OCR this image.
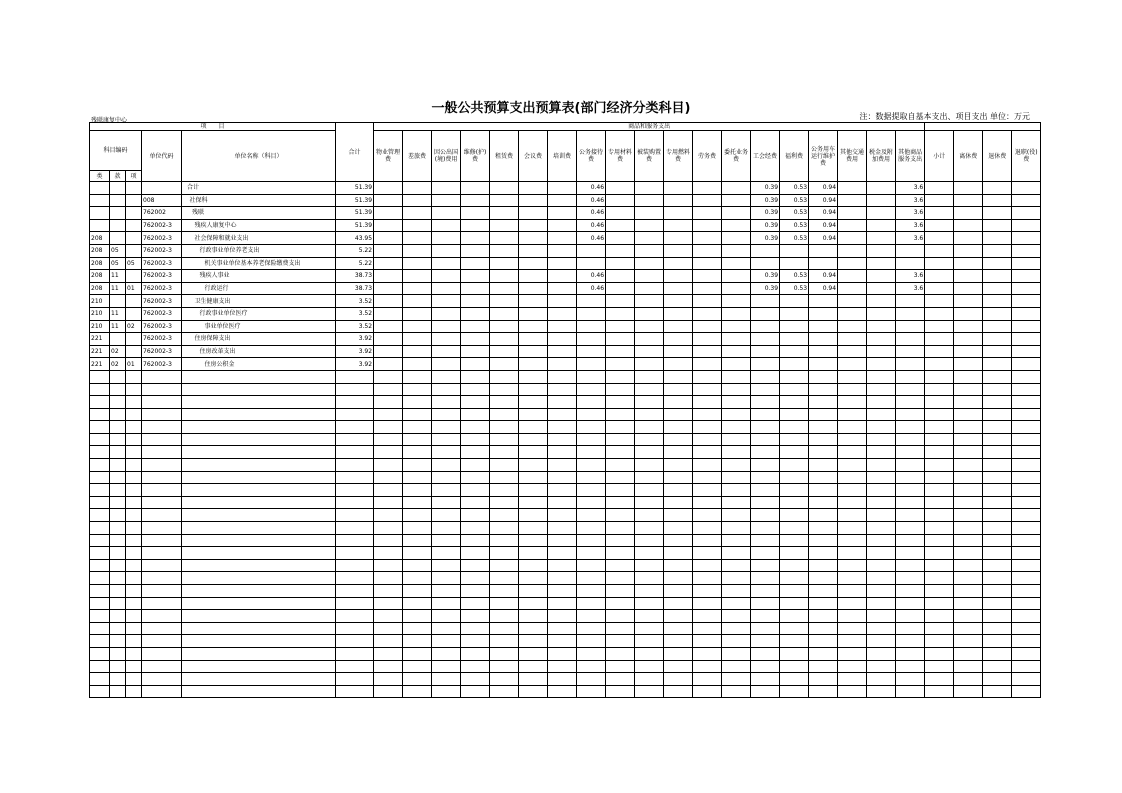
一般公共预算支出预算表(部门经济分类科目)
残联康复中心	注：数据提取自基本支出、项目支出 单位：万元
项　　目					合计	商品和服务支出																						
科目编码			单位代码	单位名称（科目）		物业管理费	差旅费	因公出国(境)费用	维修(护)费	租赁费	会议费	培训费	公务接待费	专用材料费	被装购置费	专用燃料费	劳务费	委托业务费	工会经费	福利费	公务用车运行维护费	其他交通费用	税金及附加费用	其他商品服务支出	小计	离休费	退休费	退职(役)费
类	款	项																										
				合计	51.39								0.46						0.39	0.53	0.94			3.6				
			008	社保科	51.39								0.46						0.39	0.53	0.94			3.6				
			762002	残联	51.39								0.46						0.39	0.53	0.94			3.6				
			762002-3	残疾人康复中心	51.39								0.46						0.39	0.53	0.94			3.6				
208			762002-3	社会保障和就业支出	43.95								0.46						0.39	0.53	0.94			3.6				
208	05		762002-3	行政事业单位养老支出	5.22																							
208	05	05	762002-3	机关事业单位基本养老保险缴费支出	5.22																							
208	11		762002-3	残疾人事业	38.73								0.46						0.39	0.53	0.94			3.6				
208	11	01	762002-3	行政运行	38.73								0.46						0.39	0.53	0.94			3.6				
210			762002-3	卫生健康支出	3.52																							
210	11		762002-3	行政事业单位医疗	3.52																							
210	11	02	762002-3	事业单位医疗	3.52																							
221			762002-3	住房保障支出	3.92																							
221	02		762002-3	住房改革支出	3.92																							
221	02	01	762002-3	住房公积金	3.92																							
